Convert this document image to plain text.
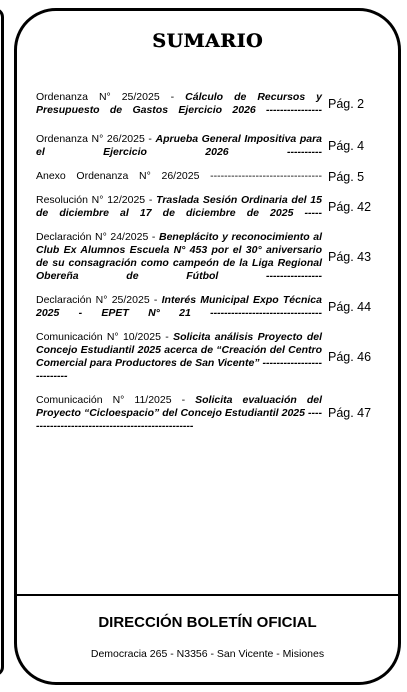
SUMARIO
Ordenanza N° 25/2025 - Cálculo de Recursos y Presupuesto de Gastos Ejercicio 2026 ---------------- Pág. 2
Ordenanza N° 26/2025 - Aprueba General Impositiva para el Ejercicio 2026 ---------- Pág. 4
Anexo Ordenanza N° 26/2025 -------------------------------- Pág. 5
Resolución N° 12/2025 - Traslada Sesión Ordinaria del 15 de diciembre al 17 de diciembre de 2025 ----- Pág. 42
Declaración N° 24/2025 - Beneplácito y reconocimiento al Club Ex Alumnos Escuela N° 453 por el 30° aniversario de su consagración como campeón de la Liga Regional Obereña de Fútbol ----------------
Pág. 43
Declaración N° 25/2025 - Interés Municipal Expo Técnica 2025 - EPET N° 21 -------------------------------- Pág. 44
Comunicación N° 10/2025 - Solicita análisis Proyecto del Concejo Estudiantil 2025 acerca de “Creación del Centro Comercial para Productores de San Vicente” --------------------------
Pág. 46
Comunicación N° 11/2025 - Solicita evaluación del Proyecto “Cicloespacio” del Concejo Estudiantil 2025 -------------------------------------------------
Pág. 47
DIRECCIÓN BOLETÍN OFICIAL
Democracia 265 - N3356 - San Vicente - Misiones
